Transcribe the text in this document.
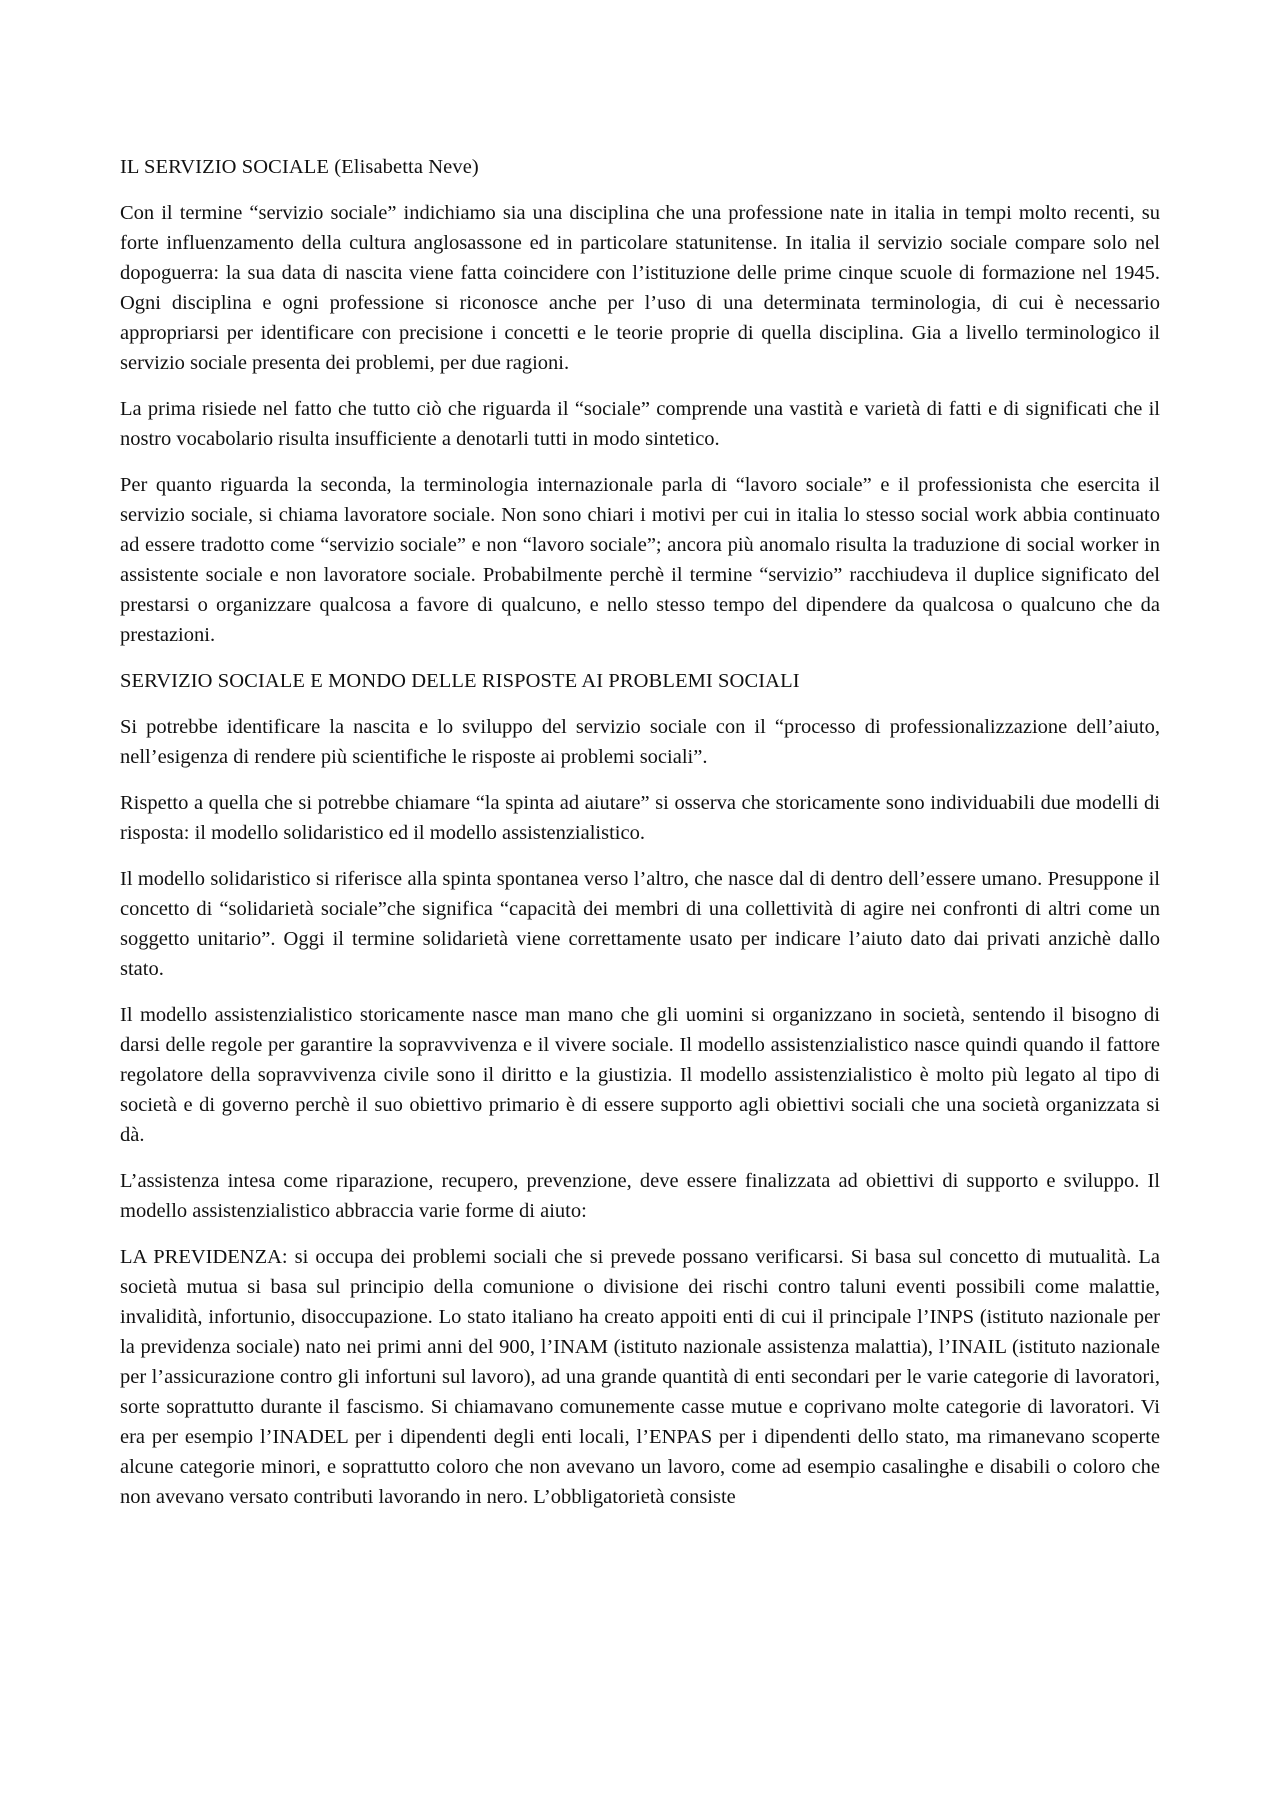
IL SERVIZIO SOCIALE (Elisabetta Neve)

Con il termine “servizio sociale” indichiamo sia una disciplina che una professione nate in italia in tempi molto recenti, su forte influenzamento della cultura anglosassone ed in particolare statunitense. In italia il servizio sociale compare solo nel dopoguerra: la sua data di nascita viene fatta coincidere con l’istituzione delle prime cinque scuole di formazione nel 1945. Ogni disciplina e ogni professione si riconosce anche per l’uso di una determinata terminologia, di cui è necessario appropriarsi per identificare con precisione i concetti e le teorie proprie di quella disciplina. Gia a livello terminologico il servizio sociale presenta dei problemi, per due ragioni.

La prima risiede nel fatto che tutto ciò che riguarda il “sociale” comprende una vastità e varietà di fatti e di significati che il nostro vocabolario risulta insufficiente a denotarli tutti in modo sintetico.

Per quanto riguarda la seconda, la terminologia internazionale parla di “lavoro sociale” e il professionista che esercita il servizio sociale, si chiama lavoratore sociale. Non sono chiari i motivi per cui in italia lo stesso social work abbia continuato ad essere tradotto come “servizio sociale” e non “lavoro sociale”; ancora più anomalo risulta la traduzione di social worker in assistente sociale e non lavoratore sociale. Probabilmente perchè il termine “servizio” racchiudeva il duplice significato del prestarsi o organizzare qualcosa a favore di qualcuno, e nello stesso tempo del dipendere da qualcosa o qualcuno che da prestazioni.

SERVIZIO SOCIALE E MONDO DELLE RISPOSTE AI PROBLEMI SOCIALI

Si potrebbe identificare la nascita e lo sviluppo del servizio sociale con il “processo di professionalizzazione dell’aiuto, nell’esigenza di rendere più scientifiche le risposte ai problemi sociali”.

Rispetto a quella che si potrebbe chiamare “la spinta ad aiutare” si osserva che storicamente sono individuabili due modelli di risposta: il modello solidaristico ed il modello assistenzialistico.

Il modello solidaristico si riferisce alla spinta spontanea verso l’altro, che nasce dal di dentro dell’essere umano. Presuppone il concetto di “solidarietà sociale”che significa “capacità dei membri di una collettività di agire nei confronti di altri come un soggetto unitario”. Oggi il termine solidarietà viene correttamente usato per indicare l’aiuto dato dai privati anzichè dallo stato.

Il modello assistenzialistico storicamente nasce man mano che gli uomini si organizzano in società, sentendo il bisogno di darsi delle regole per garantire la sopravvivenza e il vivere sociale. Il modello assistenzialistico nasce quindi quando il fattore regolatore della sopravvivenza civile sono il diritto e la giustizia. Il modello assistenzialistico è molto più legato al tipo di società e di governo perchè il suo obiettivo primario è di essere supporto agli obiettivi sociali che una società organizzata si dà.

L’assistenza intesa come riparazione, recupero, prevenzione, deve essere finalizzata ad obiettivi di supporto e sviluppo. Il modello assistenzialistico abbraccia varie forme di aiuto:

LA PREVIDENZA: si occupa dei problemi sociali che si prevede possano verificarsi. Si basa sul concetto di mutualità. La società mutua si basa sul principio della comunione o divisione dei rischi contro taluni eventi possibili come malattie, invalidità, infortunio, disoccupazione. Lo stato italiano ha creato appoiti enti di cui il principale l’INPS (istituto nazionale per la previdenza sociale) nato nei primi anni del 900, l’INAM (istituto nazionale assistenza malattia), l’INAIL (istituto nazionale per l’assicurazione contro gli infortuni sul lavoro), ad una grande quantità di enti secondari per le varie categorie di lavoratori, sorte soprattutto durante il fascismo. Si chiamavano comunemente casse mutue e coprivano molte categorie di lavoratori. Vi era per esempio l’INADEL per i dipendenti degli enti locali, l’ENPAS per i dipendenti dello stato, ma rimanevano scoperte alcune categorie minori, e soprattutto coloro che non avevano un lavoro, come ad esempio casalinghe e disabili o coloro che non avevano versato contributi lavorando in nero. L’obbligatorietà consiste
